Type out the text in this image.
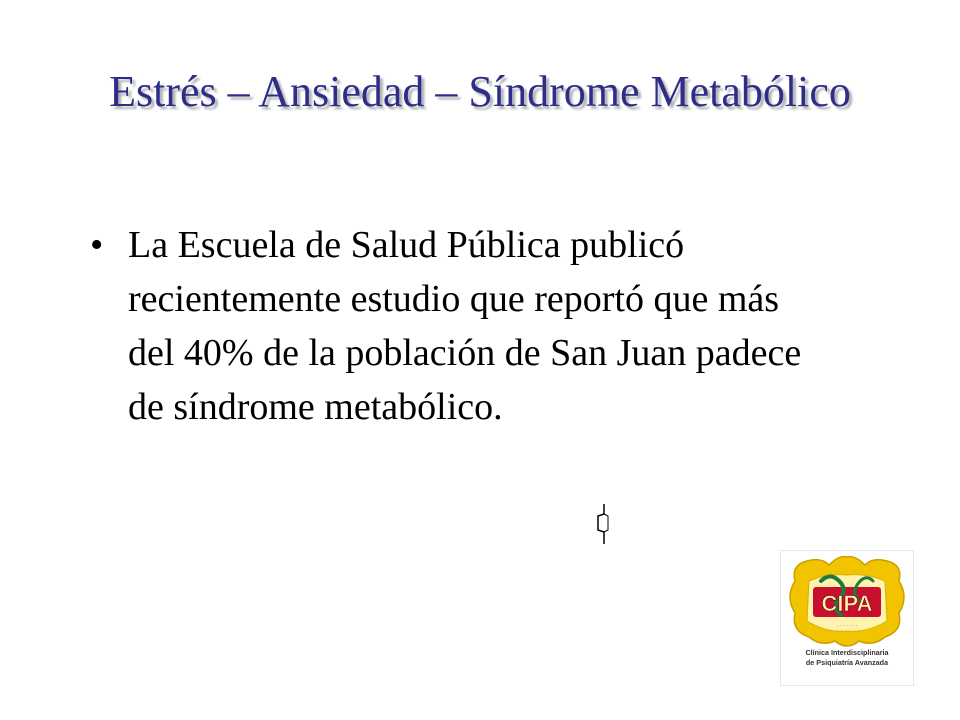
Estrés – Ansiedad – Síndrome Metabólico
• La Escuela de Salud Pública publicó
recientemente estudio que reportó que más
del 40% de la población de San Juan padece
de síndrome metabólico.
CIPA
· · · · · · ·
Clínica Interdisciplinaria
de Psiquiatría Avanzada
